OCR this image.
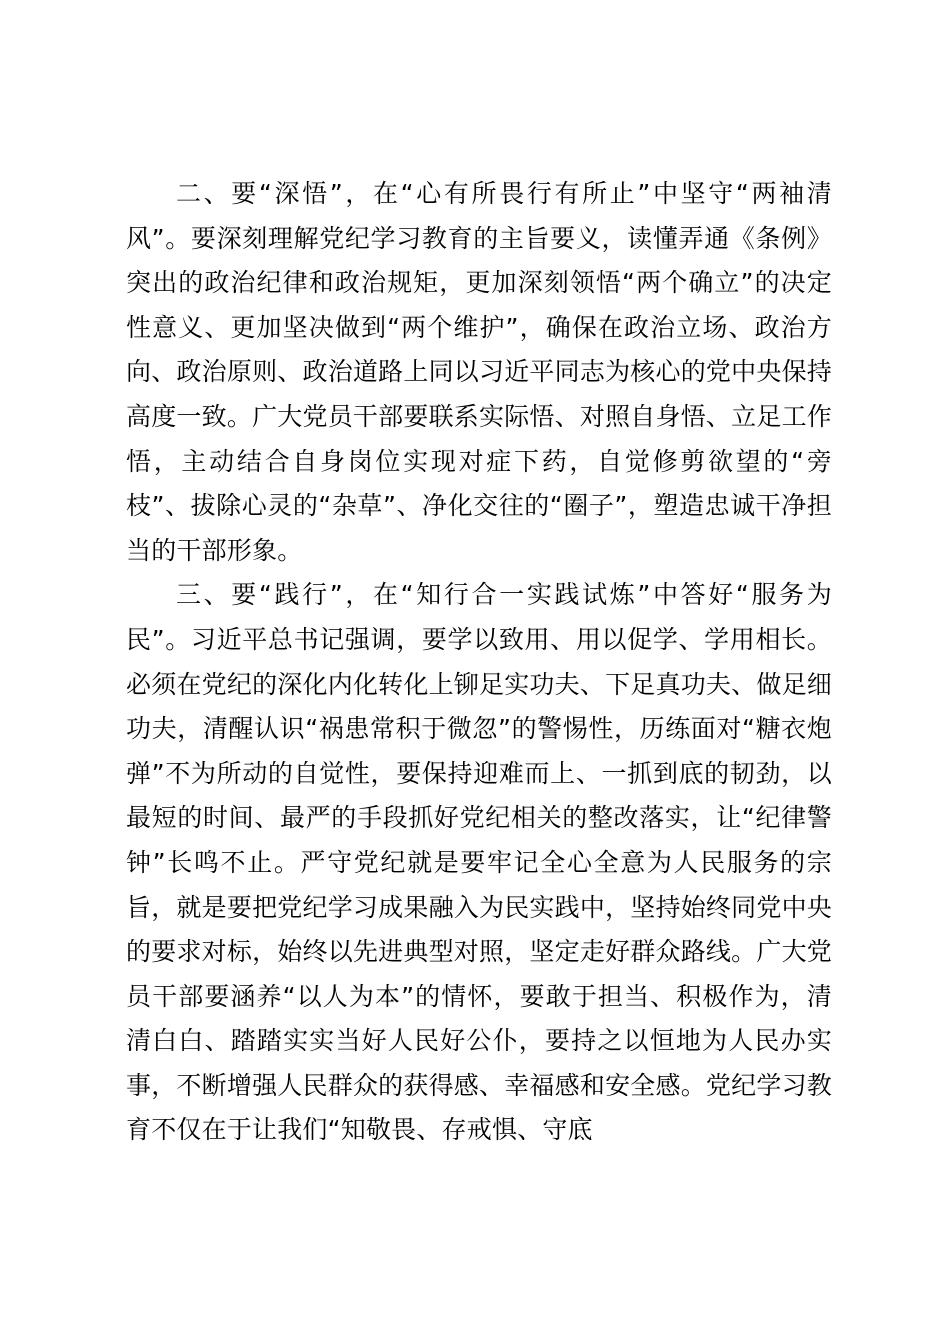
二、要“深悟”，在“心有所畏行有所止”中坚守“两袖清风”。要深刻理解党纪学习教育的主旨要义，读懂弄通《条例》突出的政治纪律和政治规矩，更加深刻领悟“两个确立”的决定性意义、更加坚决做到“两个维护”，确保在政治立场、政治方向、政治原则、政治道路上同以习近平同志为核心的党中央保持高度一致。广大党员干部要联系实际悟、对照自身悟、立足工作悟，主动结合自身岗位实现对症下药，自觉修剪欲望的“旁枝”、拔除心灵的“杂草”、净化交往的“圈子”，塑造忠诚干净担当的干部形象。

三、要“践行”，在“知行合一实践试炼”中答好“服务为民”。习近平总书记强调，要学以致用、用以促学、学用相长。必须在党纪的深化内化转化上铆足实功夫、下足真功夫、做足细功夫，清醒认识“祸患常积于微忽”的警惕性，历练面对“糖衣炮弹”不为所动的自觉性，要保持迎难而上、一抓到底的韧劲，以最短的时间、最严的手段抓好党纪相关的整改落实，让“纪律警钟”长鸣不止。严守党纪就是要牢记全心全意为人民服务的宗旨，就是要把党纪学习成果融入为民实践中，坚持始终同党中央的要求对标，始终以先进典型对照，坚定走好群众路线。广大党员干部要涵养“以人为本”的情怀，要敢于担当、积极作为，清清白白、踏踏实实当好人民好公仆，要持之以恒地为人民办实事，不断增强人民群众的获得感、幸福感和安全感。党纪学习教育不仅在于让我们“知敬畏、存戒惧、守底
